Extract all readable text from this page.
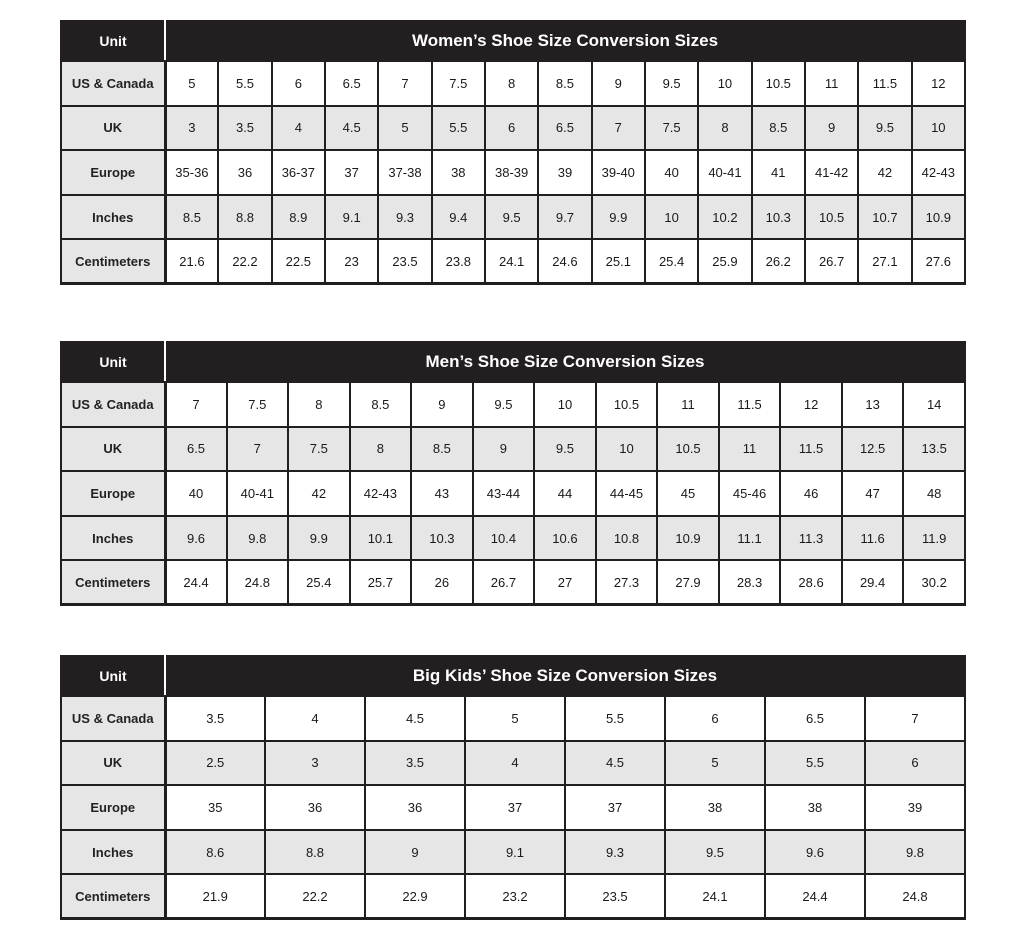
Unit	Women’s Shoe Size Conversion Sizes														
US & Canada	5	5.5	6	6.5	7	7.5	8	8.5	9	9.5	10	10.5	11	11.5	12
UK	3	3.5	4	4.5	5	5.5	6	6.5	7	7.5	8	8.5	9	9.5	10
Europe	35-36	36	36-37	37	37-38	38	38-39	39	39-40	40	40-41	41	41-42	42	42-43
Inches	8.5	8.8	8.9	9.1	9.3	9.4	9.5	9.7	9.9	10	10.2	10.3	10.5	10.7	10.9
Centimeters	21.6	22.2	22.5	23	23.5	23.8	24.1	24.6	25.1	25.4	25.9	26.2	26.7	27.1	27.6
Unit	Men’s Shoe Size Conversion Sizes												
US & Canada	7	7.5	8	8.5	9	9.5	10	10.5	11	11.5	12	13	14
UK	6.5	7	7.5	8	8.5	9	9.5	10	10.5	11	11.5	12.5	13.5
Europe	40	40-41	42	42-43	43	43-44	44	44-45	45	45-46	46	47	48
Inches	9.6	9.8	9.9	10.1	10.3	10.4	10.6	10.8	10.9	11.1	11.3	11.6	11.9
Centimeters	24.4	24.8	25.4	25.7	26	26.7	27	27.3	27.9	28.3	28.6	29.4	30.2
Unit	Big Kids’ Shoe Size Conversion Sizes							
US & Canada	3.5	4	4.5	5	5.5	6	6.5	7
UK	2.5	3	3.5	4	4.5	5	5.5	6
Europe	35	36	36	37	37	38	38	39
Inches	8.6	8.8	9	9.1	9.3	9.5	9.6	9.8
Centimeters	21.9	22.2	22.9	23.2	23.5	24.1	24.4	24.8
